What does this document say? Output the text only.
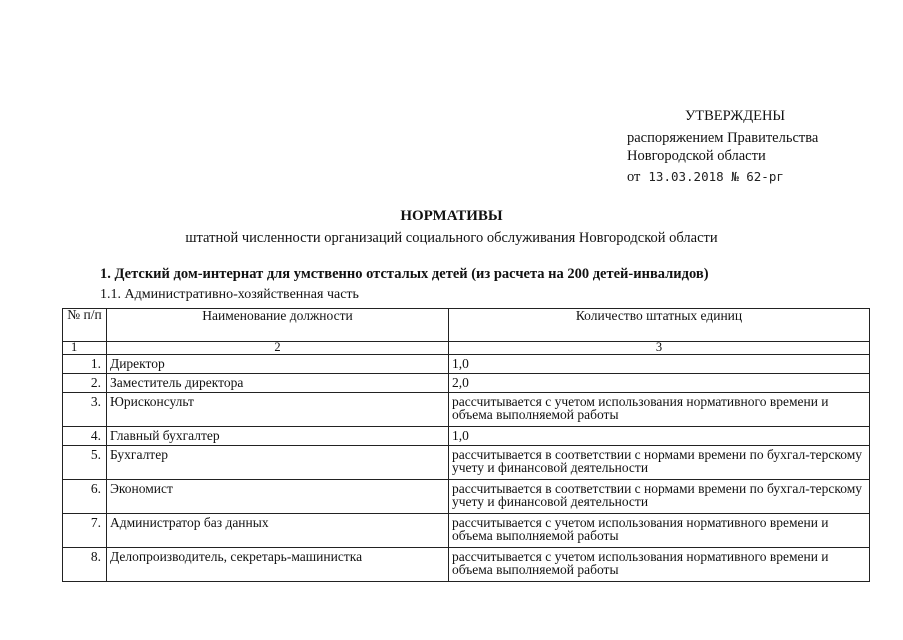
УТВЕРЖДЕНЫ
распоряжением Правительства
Новгородской области
от 13.03.2018 № 62-рг
НОРМАТИВЫ
штатной численности организаций социального обслуживания Новгородской области
1. Детский дом-интернат для умственно отсталых детей (из расчета на 200 детей-инвалидов)
1.1. Административно-хозяйственная часть
№ п/п	Наименование должности	Количество штатных единиц
1	2	3
1.	Директор	1,0
2.	Заместитель директора	2,0
3.	Юрисконсульт	рассчитывается с учетом использования нормативного времени и объема выполняемой работы
4.	Главный бухгалтер	1,0
5.	Бухгалтер	рассчитывается в соответствии с нормами времени по бухгал-терскому учету и финансовой деятельности
6.	Экономист	рассчитывается в соответствии с нормами времени по бухгал-терскому учету и финансовой деятельности
7.	Администратор баз данных	рассчитывается с учетом использования нормативного времени и объема выполняемой работы
8.	Делопроизводитель, секретарь-машинистка	рассчитывается с учетом использования нормативного времени и объема выполняемой работы
